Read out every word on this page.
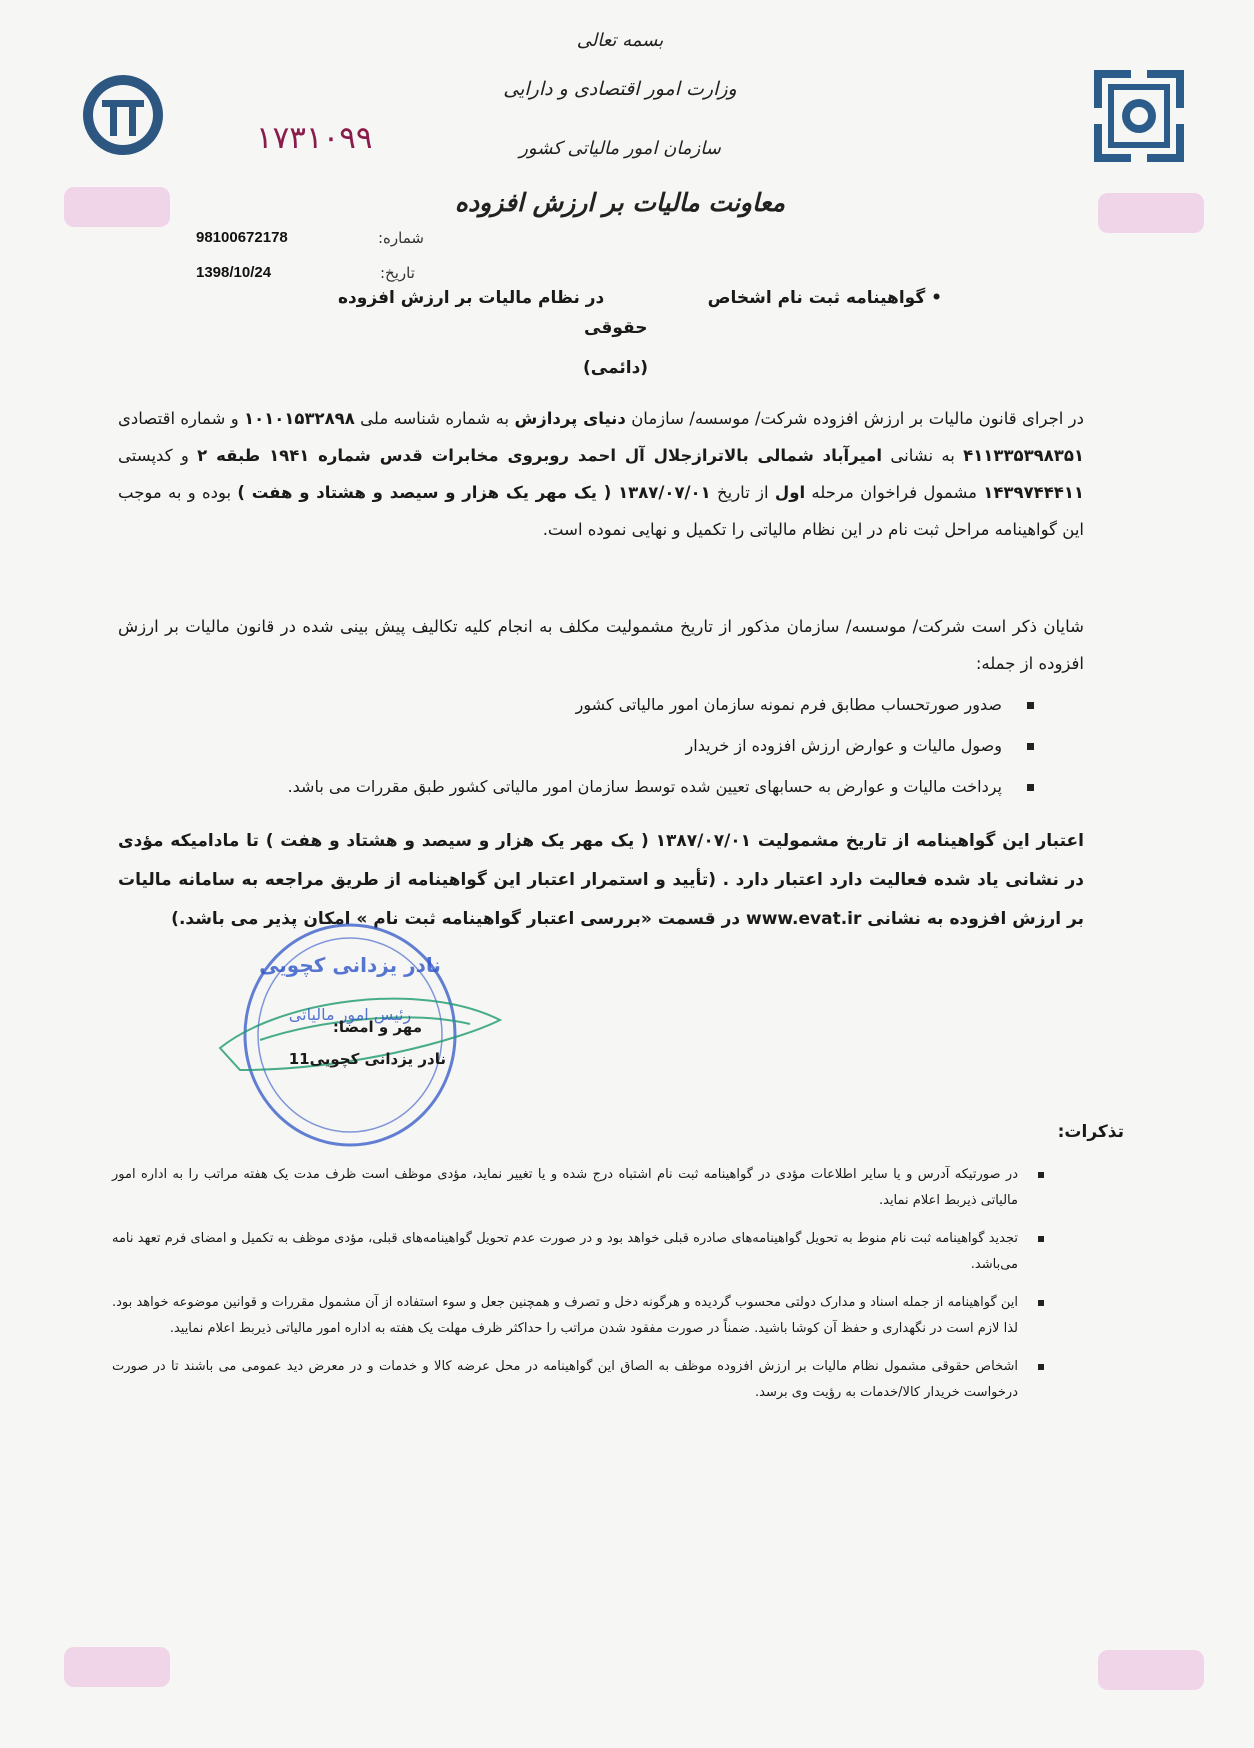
بسمه تعالی
وزارت امور اقتصادی و دارایی
سازمان امور مالیاتی کشور
معاونت مالیات بر ارزش افزوده
۱۷۳۱۰۹۹
شماره:
98100672178
تاریخ:
1398/10/24
• گواهینامه ثبت نام اشخاص
در نظام مالیات بر ارزش افزوده
حقوقی
(دائمی)
در اجرای قانون مالیات بر ارزش افزوده شرکت/ موسسه/ سازمان دنیای پردازش به شماره شناسه ملی ۱۰۱۰۱۵۳۲۸۹۸ و شماره اقتصادی ۴۱۱۳۳۵۳۹۸۳۵۱ به نشانی امیرآباد شمالی بالاترازجلال آل احمد روبروی مخابرات قدس شماره ۱۹۴۱ طبقه ۲ و کدپستی ۱۴۳۹۷۴۴۴۱۱ مشمول فراخوان مرحله اول از تاریخ ۱۳۸۷/۰۷/۰۱ ( یک مهر یک هزار و سیصد و هشتاد و هفت ) بوده و به موجب این گواهینامه مراحل ثبت نام در این نظام مالیاتی را تکمیل و نهایی نموده است.
شایان ذکر است شرکت/ موسسه/ سازمان مذکور از تاریخ مشمولیت مکلف به انجام کلیه تکالیف پیش بینی شده در قانون مالیات بر ارزش افزوده از جمله:
صدور صورتحساب مطابق فرم نمونه سازمان امور مالیاتی کشور
وصول مالیات و عوارض ارزش افزوده از خریدار
پرداخت مالیات و عوارض به حسابهای تعیین شده توسط سازمان امور مالیاتی کشور طبق مقررات می باشد.
اعتبار این گواهینامه از تاریخ مشمولیت ۱۳۸۷/۰۷/۰۱ ( یک مهر یک هزار و سیصد و هشتاد و هفت ) تا مادامیکه مؤدی در نشانی یاد شده فعالیت دارد اعتبار دارد . (تأیید و استمرار اعتبار این گواهینامه از طریق مراجعه به سامانه مالیات بر ارزش افزوده به نشانی www.evat.ir در قسمت «بررسی اعتبار گواهینامه ثبت نام » امکان پذیر می باشد.)
نادر یزدانی کچویی
رئیس امور مالیاتی
مهر و امضا:
نادر یزدانی کچویی11
تذکرات:
در صورتیکه آدرس و یا سایر اطلاعات مؤدی در گواهینامه ثبت نام اشتباه درج شده و یا تغییر نماید، مؤدی موظف است ظرف مدت یک هفته مراتب را به اداره امور مالیاتی ذیربط اعلام نماید.
تجدید گواهینامه ثبت نام منوط به تحویل گواهینامه‌های صادره قبلی خواهد بود و در صورت عدم تحویل گواهینامه‌های قبلی، مؤدی موظف به تکمیل و امضای فرم تعهد نامه می‌باشد.
این گواهینامه از جمله اسناد و مدارک دولتی محسوب گردیده و هرگونه دخل و تصرف و همچنین جعل و سوء استفاده از آن مشمول مقررات و قوانین موضوعه خواهد بود. لذا لازم است در نگهداری و حفظ آن کوشا باشید. ضمناً در صورت مفقود شدن مراتب را حداکثر ظرف مهلت یک هفته به اداره امور مالیاتی ذیربط اعلام نمایید.
اشخاص حقوقی مشمول نظام مالیات بر ارزش افزوده موظف به الصاق این گواهینامه در محل عرضه کالا و خدمات و در معرض دید عمومی می باشند تا در صورت درخواست خریدار کالا/خدمات به رؤیت وی برسد.
